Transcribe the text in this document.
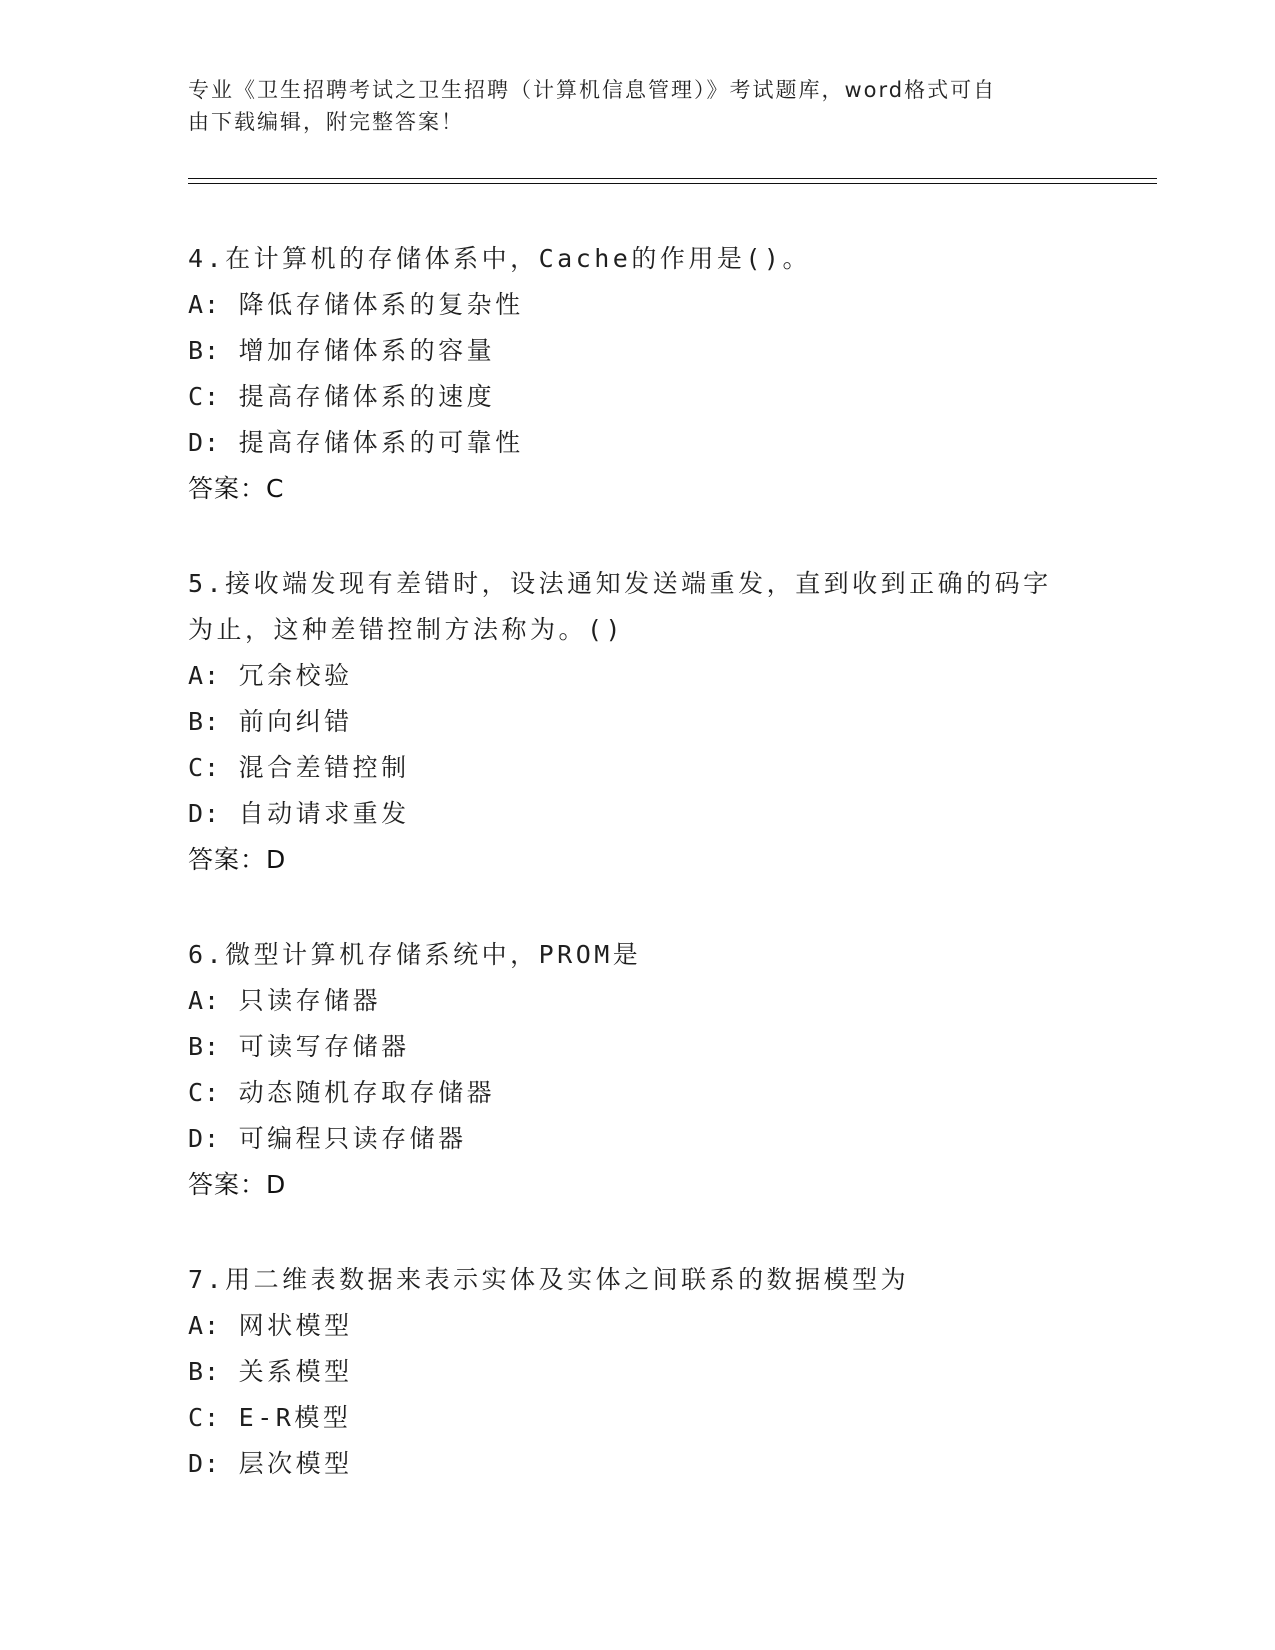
专业《卫生招聘考试之卫生招聘（计算机信息管理）》考试题库，word格式可自

由下载编辑，附完整答案！

4.在计算机的存储体系中，Cache的作用是()。
A: 降低存储体系的复杂性
B: 增加存储体系的容量
C: 提高存储体系的速度
D: 提高存储体系的可靠性
答案：C
5.接收端发现有差错时，设法通知发送端重发，直到收到正确的码字
为止，这种差错控制方法称为。()
A: 冗余校验
B: 前向纠错
C: 混合差错控制
D: 自动请求重发
答案：D
6.微型计算机存储系统中，PROM是
A: 只读存储器
B: 可读写存储器
C: 动态随机存取存储器
D: 可编程只读存储器
答案：D
7.用二维表数据来表示实体及实体之间联系的数据模型为
A: 网状模型
B: 关系模型
C: E-R模型
D: 层次模型
